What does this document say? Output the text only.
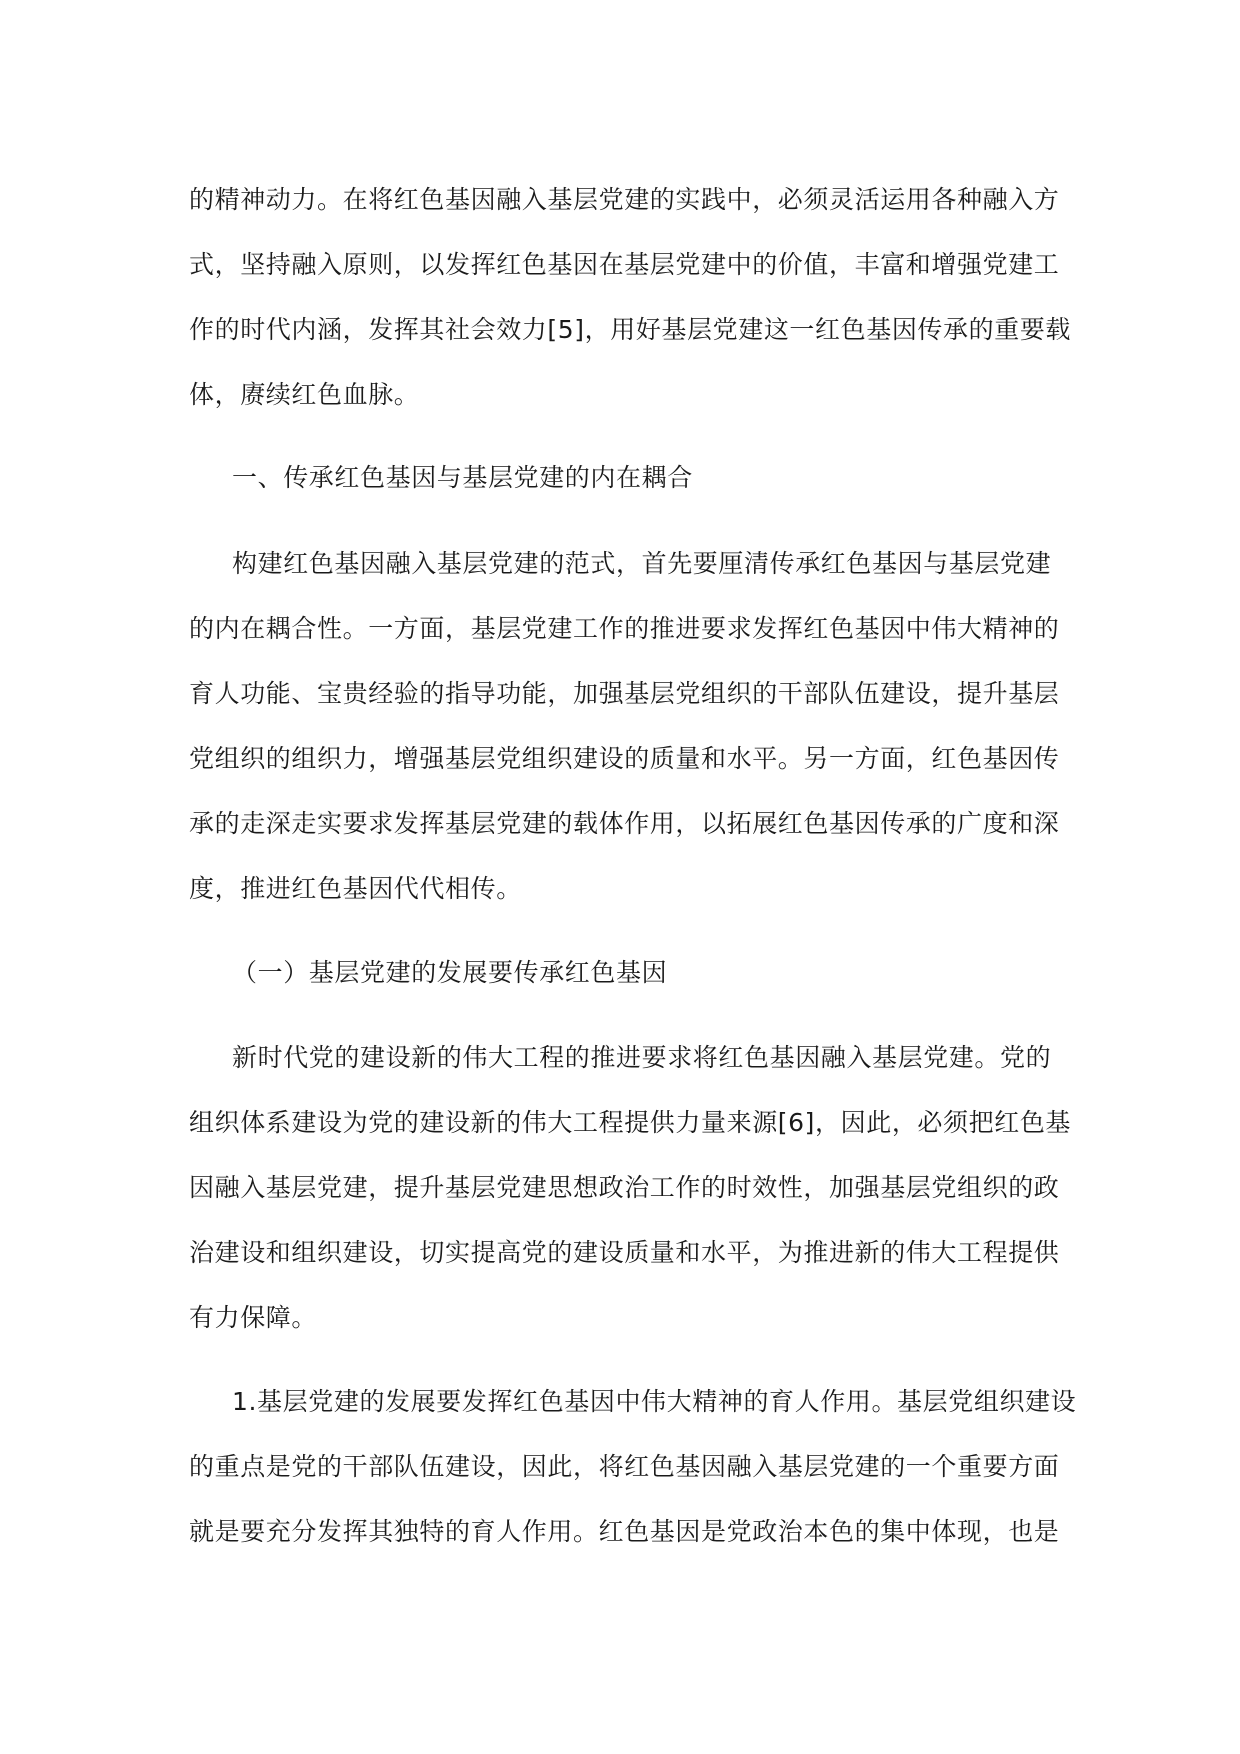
的精神动力。在将红色基因融入基层党建的实践中，必须灵活运用各种融入方

式，坚持融入原则，以发挥红色基因在基层党建中的价值，丰富和增强党建工

作的时代内涵，发挥其社会效力[5]，用好基层党建这一红色基因传承的重要载

体，赓续红色血脉。

一、传承红色基因与基层党建的内在耦合

构建红色基因融入基层党建的范式，首先要厘清传承红色基因与基层党建

的内在耦合性。一方面，基层党建工作的推进要求发挥红色基因中伟大精神的

育人功能、宝贵经验的指导功能，加强基层党组织的干部队伍建设，提升基层

党组织的组织力，增强基层党组织建设的质量和水平。另一方面，红色基因传

承的走深走实要求发挥基层党建的载体作用，以拓展红色基因传承的广度和深

度，推进红色基因代代相传。

（一）基层党建的发展要传承红色基因

新时代党的建设新的伟大工程的推进要求将红色基因融入基层党建。党的

组织体系建设为党的建设新的伟大工程提供力量来源[6]，因此，必须把红色基

因融入基层党建，提升基层党建思想政治工作的时效性，加强基层党组织的政

治建设和组织建设，切实提高党的建设质量和水平，为推进新的伟大工程提供

有力保障。

1.基层党建的发展要发挥红色基因中伟大精神的育人作用。基层党组织建设

的重点是党的干部队伍建设，因此，将红色基因融入基层党建的一个重要方面

就是要充分发挥其独特的育人作用。红色基因是党政治本色的集中体现，也是
